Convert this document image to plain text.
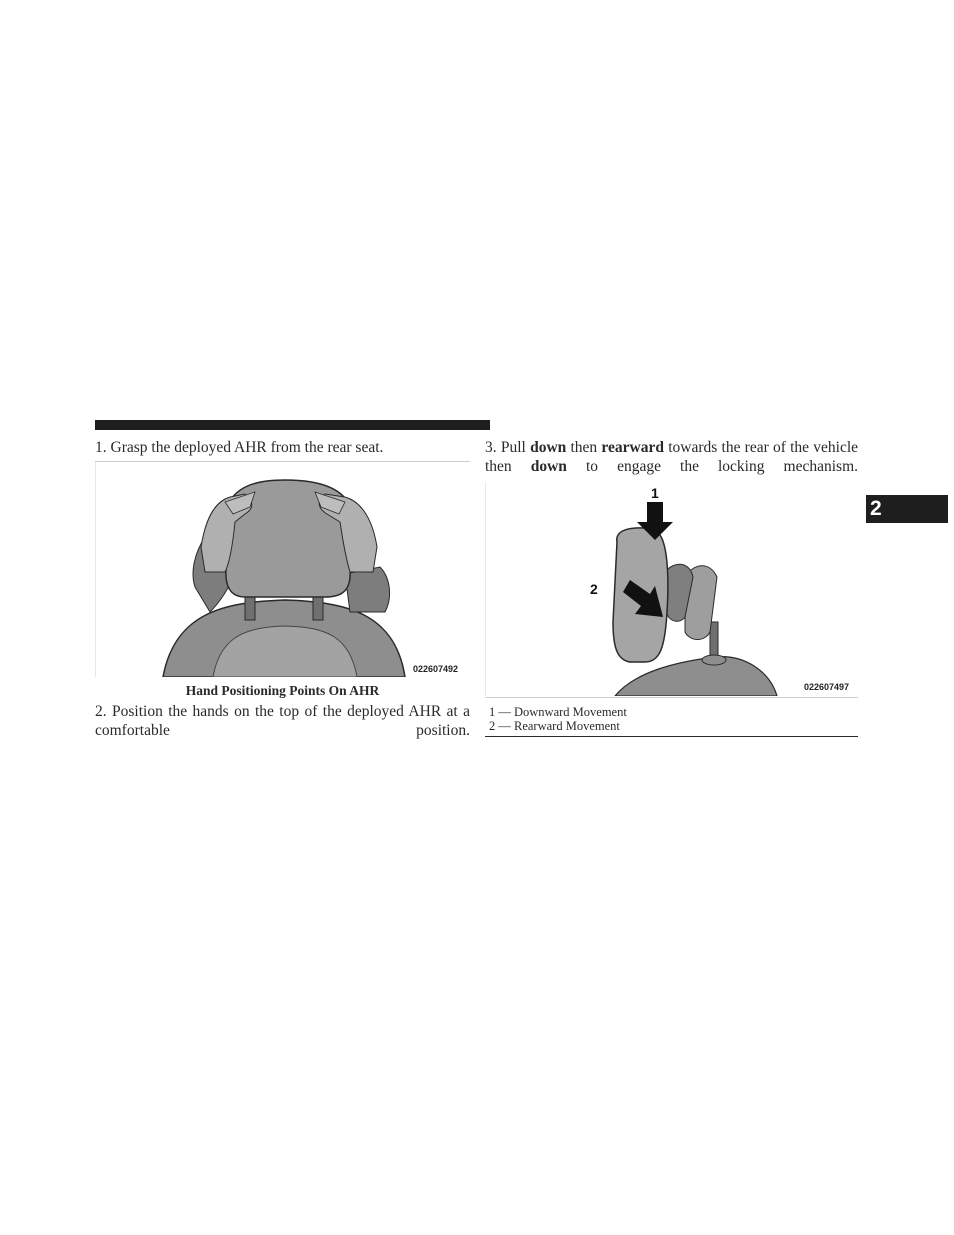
1. Grasp the deployed AHR from the rear seat.
022607492
Hand Positioning Points On AHR
2. Position the hands on the top of the deployed AHR at a comfortable position.
3. Pull down then rearward towards the rear of the vehicle then down to engage the locking mechanism.
1
2
022607497
1 — Downward Movement
2 — Rearward Movement
2
